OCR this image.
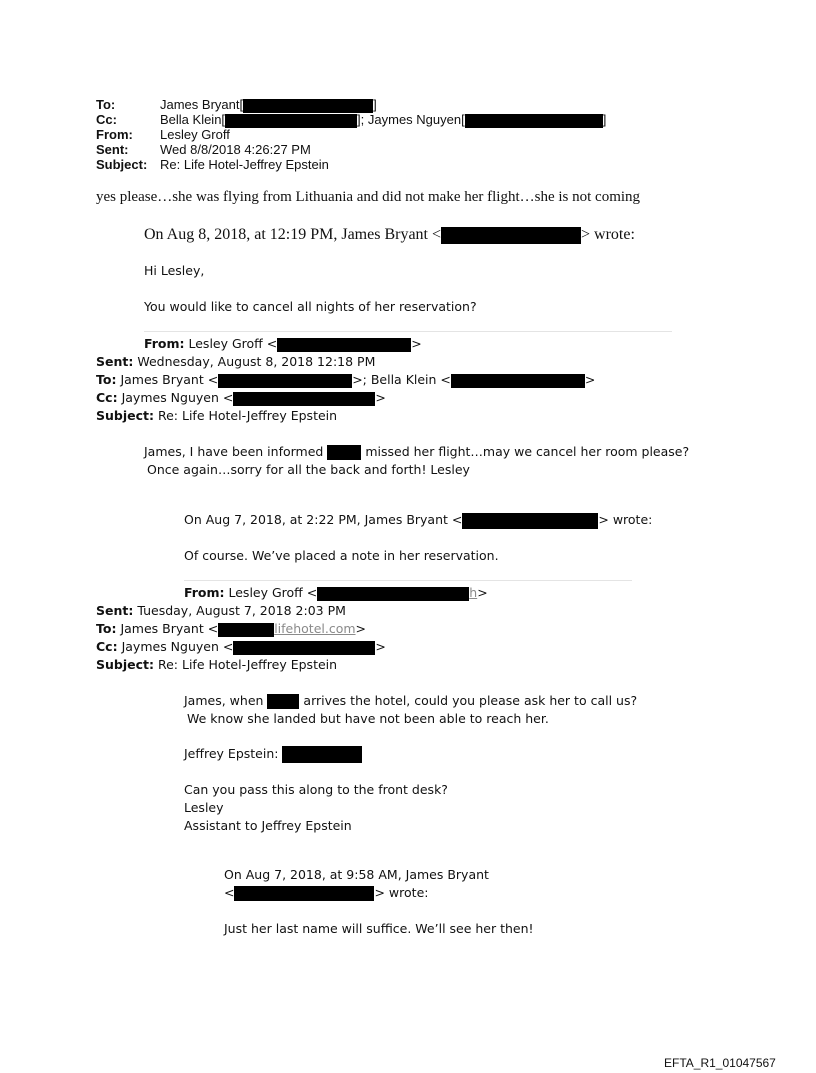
To:	James Bryant[	]
Cc:	Bella Klein[	]; Jaymes Nguyen[	]
From: Lesley Groff
Sent: Wed 8/8/2018 4:26:27 PM
Subject: Re: Life Hotel-Jeffrey Epstein
yes please…she was flying from Lithuania and did not make her flight…she is not coming
On Aug 8, 2018, at 12:19 PM, James Bryant <	> wrote:
Hi Lesley,
You would like to cancel all nights of her reservation?
From: Lesley Groff <	>
Sent: Wednesday, August 8, 2018 12:18 PM
To: James Bryant <	>; Bella Klein <	>
Cc: Jaymes Nguyen <	>
Subject: Re: Life Hotel-Jeffrey Epstein
James, I have been informed	missed her flight…may we cancel her room please?
Once again…sorry for all the back and forth! Lesley
On Aug 7, 2018, at 2:22 PM, James Bryant <	> wrote:
Of course. We’ve placed a note in her reservation.
From: Lesley Groff <	h>
Sent: Tuesday, August 7, 2018 2:03 PM
To: James Bryant <	lifehotel.com>
Cc: Jaymes Nguyen <	>
Subject: Re: Life Hotel-Jeffrey Epstein
James, when	arrives the hotel, could you please ask her to call us?
We know she landed but have not been able to reach her.
Jeffrey Epstein:
Can you pass this along to the front desk?
Lesley
Assistant to Jeffrey Epstein
On Aug 7, 2018, at 9:58 AM, James Bryant
<	> wrote:
Just her last name will suffice. We’ll see her then!
EFTA_R1_01047567
